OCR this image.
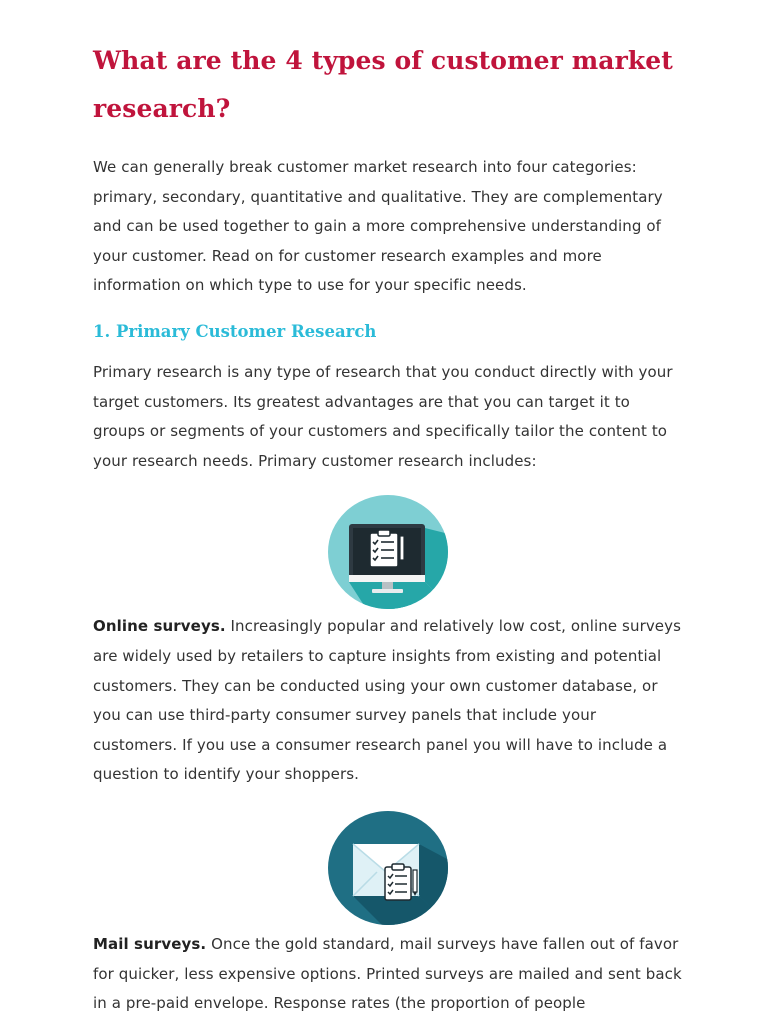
What are the 4 types of customer market research?

We can generally break customer market research into four categories: primary, secondary, quantitative and qualitative. They are complementary and can be used together to gain a more comprehensive understanding of your customer. Read on for customer research examples and more information on which type to use for your specific needs.

1. Primary Customer Research

Primary research is any type of research that you conduct directly with your target customers. Its greatest advantages are that you can target it to groups or segments of your customers and specifically tailor the content to your research needs. Primary customer research includes:

Online surveys. Increasingly popular and relatively low cost, online surveys are widely used by retailers to capture insights from existing and potential customers. They can be conducted using your own customer database, or you can use third-party consumer survey panels that include your customers. If you use a consumer research panel you will have to include a question to identify your shoppers.

Mail surveys. Once the gold standard, mail surveys have fallen out of favor for quicker, less expensive options. Printed surveys are mailed and sent back in a pre-paid envelope. Response rates (the proportion of people
